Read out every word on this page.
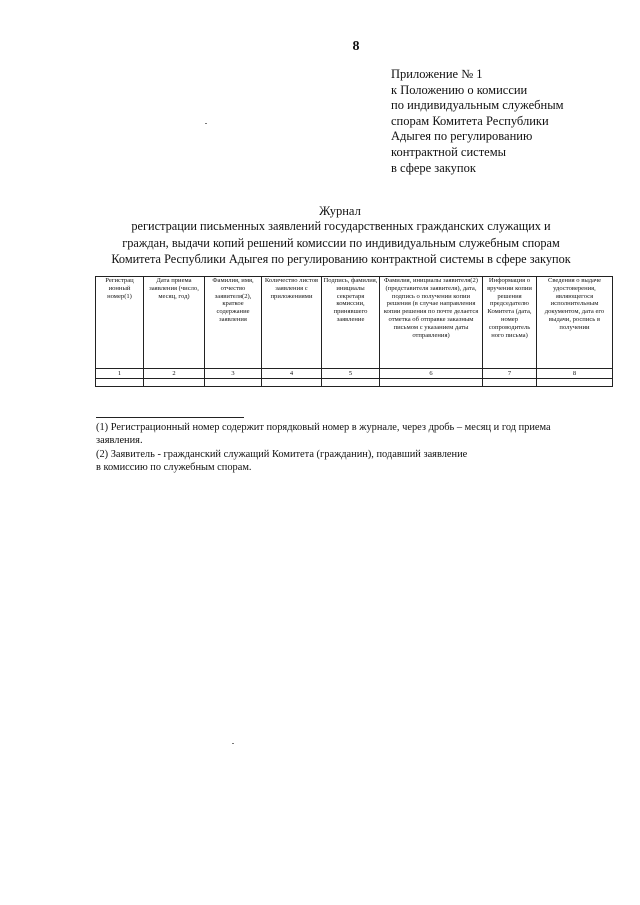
8
Приложение № 1
к Положению о комиссии
по индивидуальным служебным
спорам Комитета Республики
Адыгея по регулированию
контрактной системы
в сфере закупок
Журнал
регистрации письменных заявлений государственных гражданских служащих и
граждан, выдачи копий решений комиссии по индивидуальным служебным спорам
Комитета Республики Адыгея по регулированию контрактной системы в сфере закупок
Регистрац ионный номер(1)	Дата приема заявления (число, месяц, год)	Фамилия, имя, отчество заявителя(2), краткое содержание заявления	Количество листов заявления с приложениями	Подпись, фамилия, инициалы секретаря комиссии, принявшего заявление	Фамилия, инициалы заявителя(2) (представителя заявителя), дата, подпись о получении копии решения (в случае направления копии решения по почте делается отметка об отправке заказным письмом с указанием даты отправления)	Информация о вручении копии решения председателю Комитета (дата, номер сопроводитель ного письма)	Сведения о выдаче удостоверения, являющегося исполнительным документом, дата его выдачи, роспись в получении
1	2	3	4	5	6	7	8

(1) Регистрационный номер содержит порядковый номер в журнале, через дробь – месяц и год приема
заявления.
(2) Заявитель - гражданский служащий Комитета (гражданин), подавший заявление
в комиссию по служебным спорам.
